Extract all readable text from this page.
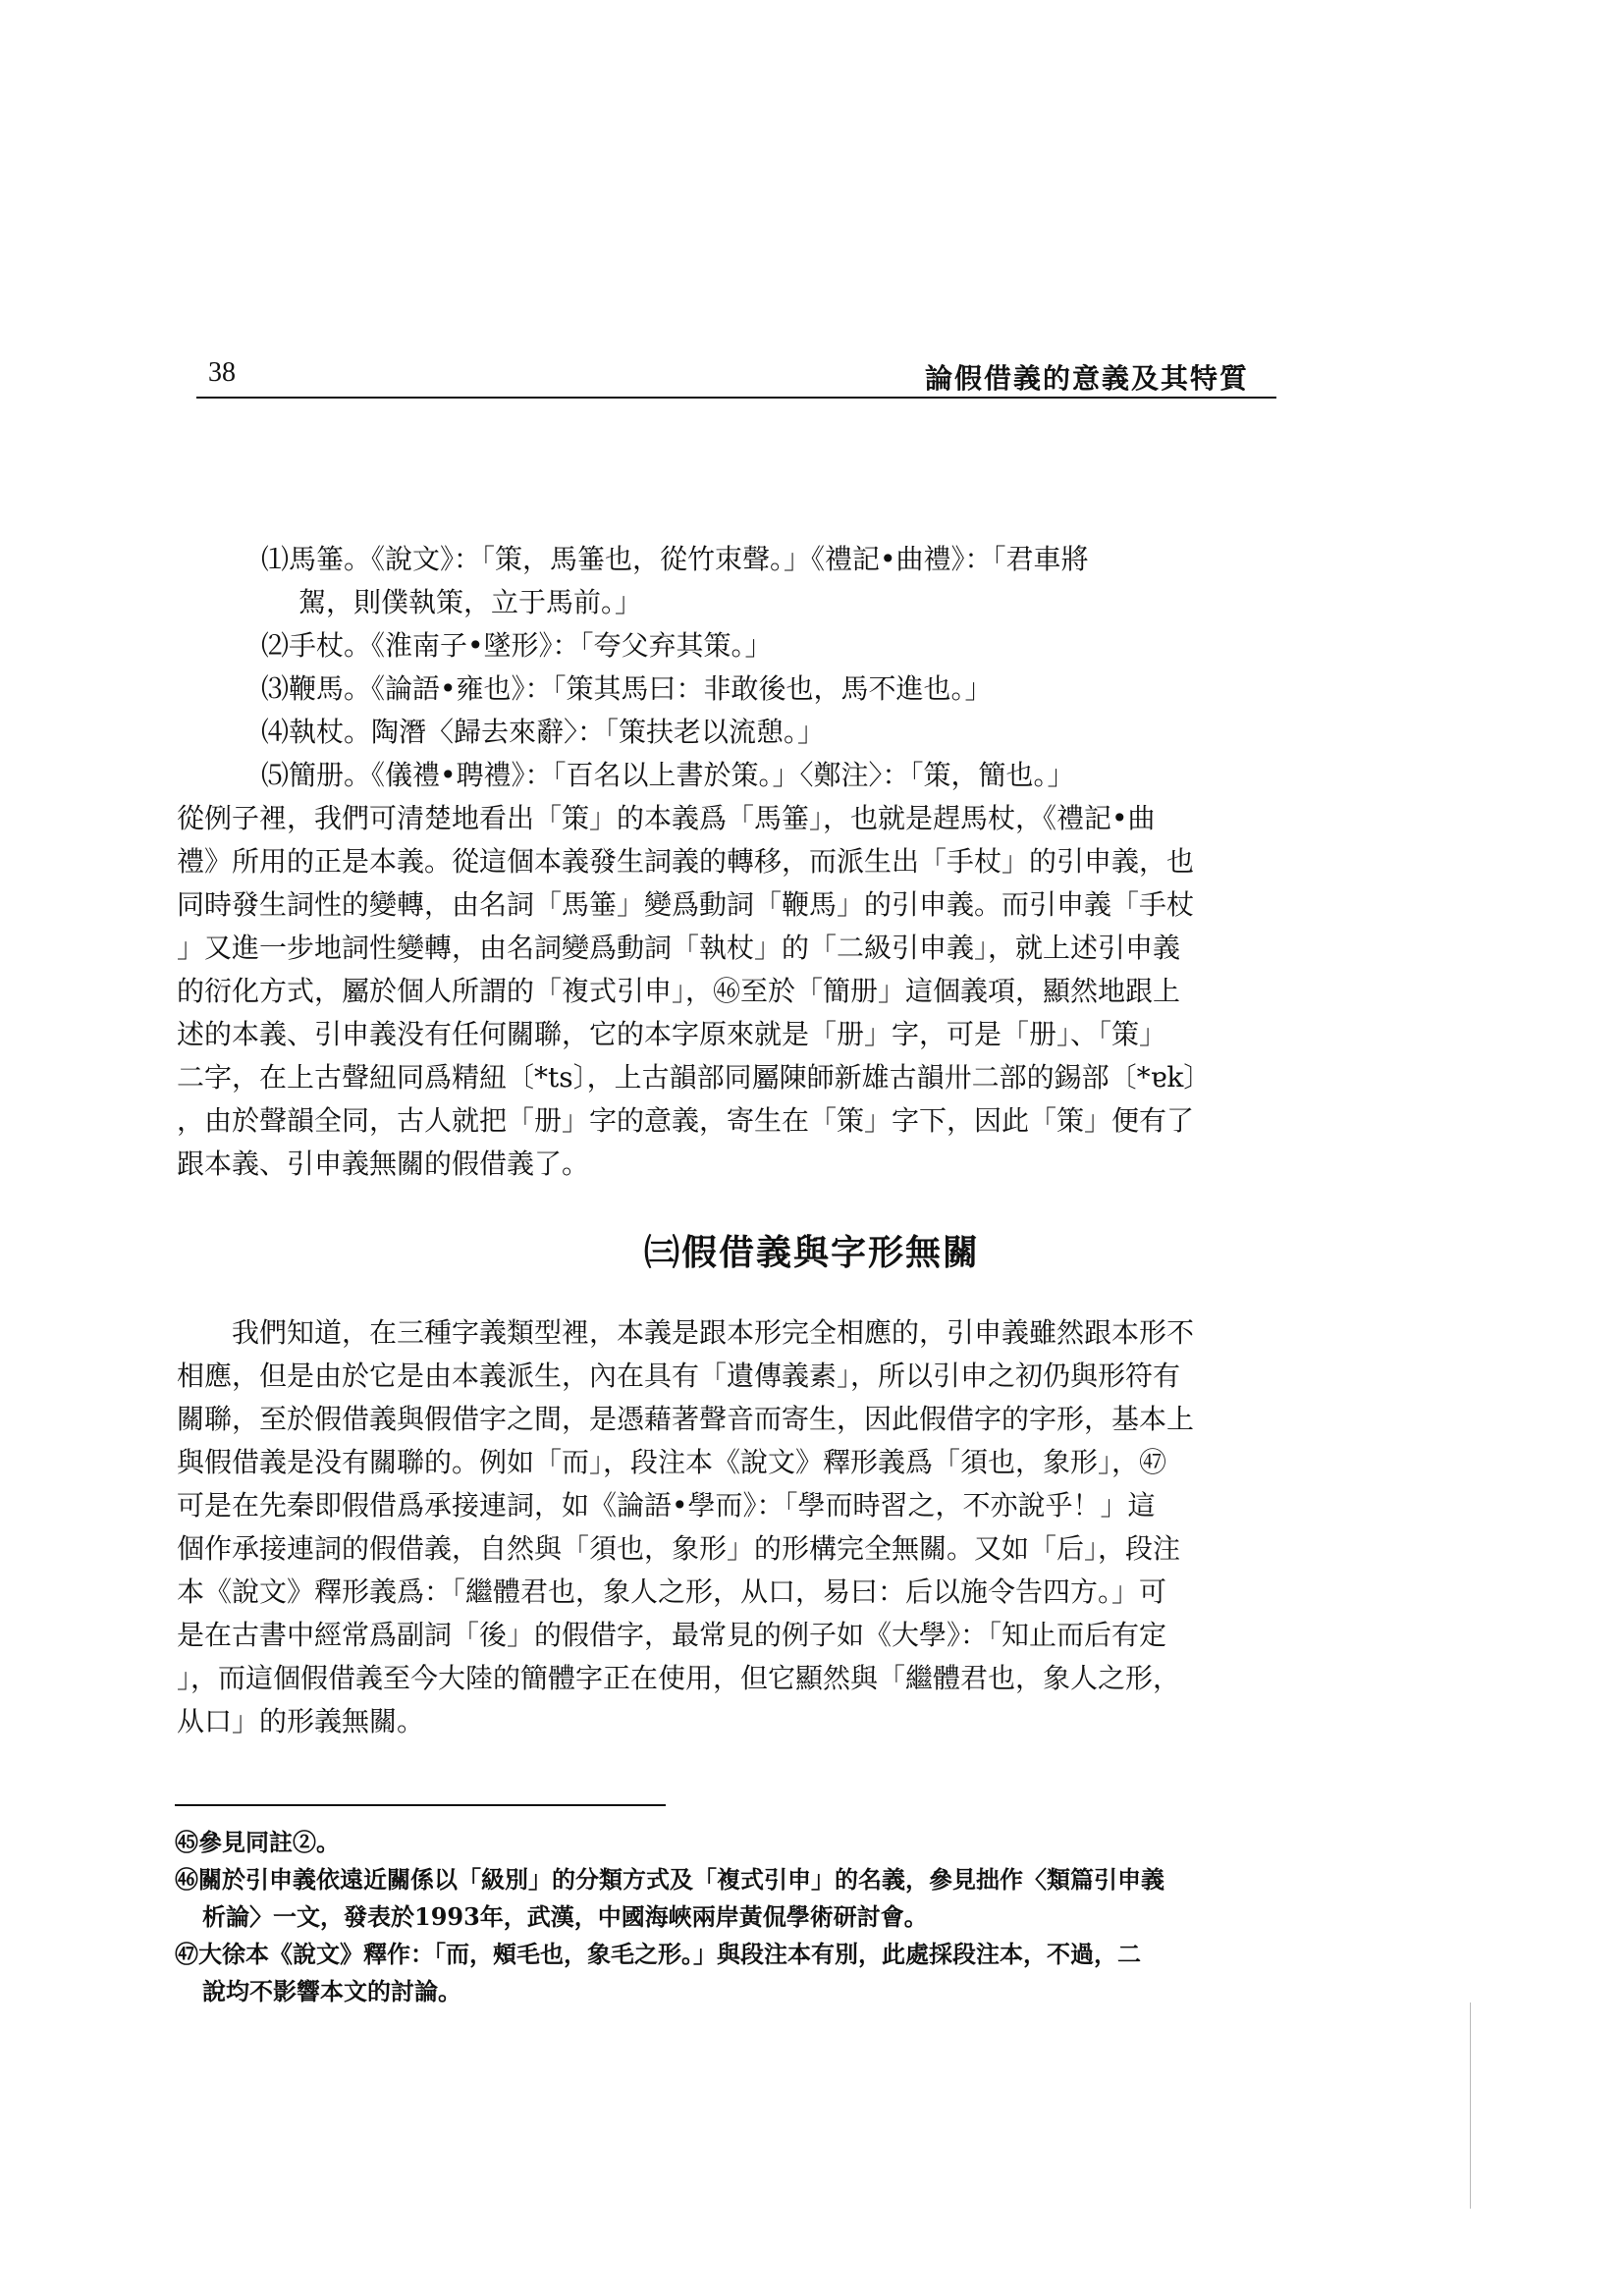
38	論假借義的意義及其特質

⑴馬箠。《說文》：「策，馬箠也，從竹朿聲。」《禮記•曲禮》：「君車將
駕，則僕執策，立于馬前。」

⑵手杖。《淮南子•墜形》：「夸父弃其策。」

⑶鞭馬。《論語•雍也》：「策其馬曰：非敢後也，馬不進也。」

⑷執杖。陶潛〈歸去來辭〉：「策扶老以流憩。」

⑸簡册。《儀禮•聘禮》：「百名以上書於策。」〈鄭注〉：「策，簡也。」

從例子裡，我們可清楚地看出「策」的本義爲「馬箠」，也就是趕馬杖，《禮記•曲
禮》所用的正是本義。從這個本義發生詞義的轉移，而派生出「手杖」的引申義，也
同時發生詞性的變轉，由名詞「馬箠」變爲動詞「鞭馬」的引申義。而引申義「手杖
」又進一步地詞性變轉，由名詞變爲動詞「執杖」的「二級引申義」，就上述引申義
的衍化方式，屬於個人所謂的「複式引申」，㊻至於「簡册」這個義項，顯然地跟上
述的本義、引申義没有任何關聯，它的本字原來就是「册」字，可是「册」、「策」
二字，在上古聲紐同爲精紐〔*ts〕，上古韻部同屬陳師新雄古韻卅二部的錫部〔*ɐk〕
，由於聲韻全同，古人就把「册」字的意義，寄生在「策」字下，因此「策」便有了
跟本義、引申義無關的假借義了。
㈢假借義與字形無關
我們知道，在三種字義類型裡，本義是跟本形完全相應的，引申義雖然跟本形不
相應，但是由於它是由本義派生，內在具有「遺傳義素」，所以引申之初仍與形符有
關聯，至於假借義與假借字之間，是憑藉著聲音而寄生，因此假借字的字形，基本上
與假借義是没有關聯的。例如「而」，段注本《說文》釋形義爲「須也，象形」，㊼
可是在先秦即假借爲承接連詞，如《論語•學而》：「學而時習之，不亦說乎！」這
個作承接連詞的假借義，自然與「須也，象形」的形構完全無關。又如「后」，段注
本《說文》釋形義爲：「繼體君也，象人之形，从口，易曰：后以施令告四方。」可
是在古書中經常爲副詞「後」的假借字，最常見的例子如《大學》：「知止而后有定
」，而這個假借義至今大陸的簡體字正在使用，但它顯然與「繼體君也，象人之形，
从口」的形義無關。

㊺參見同註②。

㊻關於引申義依遠近關係以「級別」的分類方式及「複式引申」的名義，參見拙作〈類篇引申義
析論〉一文，發表於1993年，武漢，中國海峽兩岸黃侃學術研討會。

㊼大徐本《說文》釋作：「而，頰毛也，象毛之形。」與段注本有別，此處採段注本，不過，二
說均不影響本文的討論。
